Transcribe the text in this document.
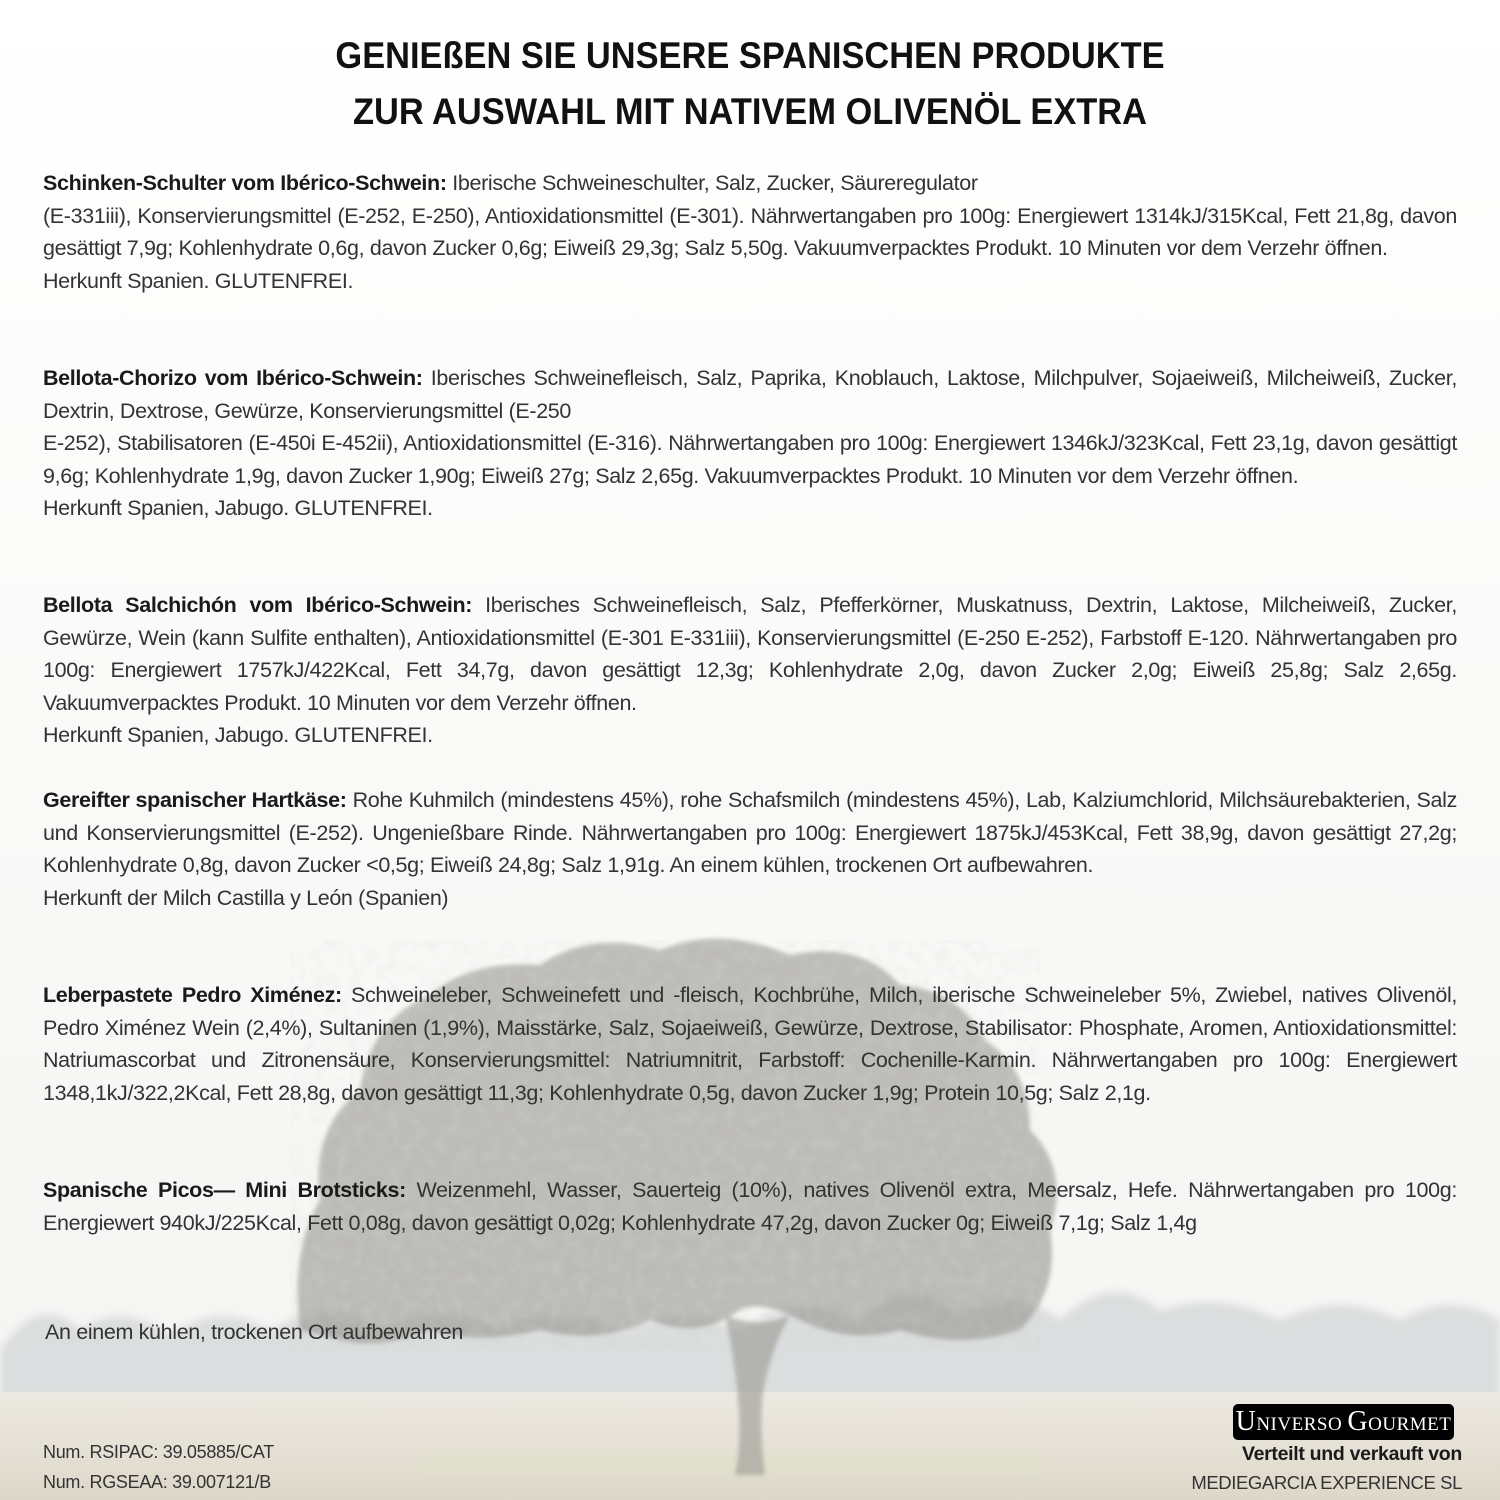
GENIEßEN SIE UNSERE SPANISCHEN PRODUKTE
ZUR AUSWAHL MIT NATIVEM OLIVENÖL EXTRA
Schinken-Schulter vom Ibérico-Schwein: Iberische Schweineschulter, Salz, Zucker, Säureregulator
(E-331iii), Konservierungsmittel (E-252, E-250), Antioxidationsmittel (E-301). Nährwertangaben pro 100g: Energiewert 1314kJ/315Kcal, Fett 21,8g, davon gesättigt 7,9g; Kohlenhydrate 0,6g, davon Zucker 0,6g; Eiweiß 29,3g; Salz 5,50g. Vakuumverpacktes Produkt. 10 Minuten vor dem Verzehr öffnen.
Herkunft Spanien. GLUTENFREI.
Bellota-Chorizo vom Ibérico-Schwein: Iberisches Schweinefleisch, Salz, Paprika, Knoblauch, Laktose, Milchpulver, Sojaeiweiß, Milcheiweiß, Zucker, Dextrin, Dextrose, Gewürze, Konservierungsmittel (E-250
E-252), Stabilisatoren (E-450i E-452ii), Antioxidationsmittel (E-316). Nährwertangaben pro 100g: Energiewert 1346kJ/323Kcal, Fett 23,1g, davon gesättigt 9,6g; Kohlenhydrate 1,9g, davon Zucker 1,90g; Eiweiß 27g; Salz 2,65g. Vakuumverpacktes Produkt. 10 Minuten vor dem Verzehr öffnen.
Herkunft Spanien, Jabugo. GLUTENFREI.
Bellota Salchichón vom Ibérico-Schwein: Iberisches Schweinefleisch, Salz, Pfefferkörner, Muskatnuss, Dextrin, Laktose, Milcheiweiß, Zucker, Gewürze, Wein (kann Sulfite enthalten), Antioxidationsmittel (E-301 E-331iii), Konservierungsmittel (E-250 E-252), Farbstoff E-120. Nährwertangaben pro 100g: Energiewert 1757kJ/422Kcal, Fett 34,7g, davon gesättigt 12,3g; Kohlenhydrate 2,0g, davon Zucker 2,0g; Eiweiß 25,8g; Salz 2,65g. Vakuumverpacktes Produkt. 10 Minuten vor dem Verzehr öffnen.
Herkunft Spanien, Jabugo. GLUTENFREI.
Gereifter spanischer Hartkäse: Rohe Kuhmilch (mindestens 45%), rohe Schafsmilch (mindestens 45%), Lab, Kalziumchlorid, Milchsäurebakterien, Salz und Konservierungsmittel (E-252). Ungenießbare Rinde. Nährwertangaben pro 100g: Energiewert 1875kJ/453Kcal, Fett 38,9g, davon gesättigt 27,2g; Kohlenhydrate 0,8g, davon Zucker <0,5g; Eiweiß 24,8g; Salz 1,91g. An einem kühlen, trockenen Ort aufbewahren.
Herkunft der Milch Castilla y León (Spanien)
Leberpastete Pedro Ximénez: Schweineleber, Schweinefett und -fleisch, Kochbrühe, Milch, iberische Schweineleber 5%, Zwiebel, natives Olivenöl, Pedro Ximénez Wein (2,4%), Sultaninen (1,9%), Maisstärke, Salz, Sojaeiweiß, Gewürze, Dextrose, Stabilisator: Phosphate, Aromen, Antioxidationsmittel: Natriumascorbat und Zitronensäure, Konservierungsmittel: Natriumnitrit, Farbstoff: Cochenille-Karmin. Nährwertangaben pro 100g: Energiewert 1348,1kJ/322,2Kcal, Fett 28,8g, davon gesättigt 11,3g; Kohlenhydrate 0,5g, davon Zucker 1,9g; Protein 10,5g; Salz 2,1g.
Spanische Picos— Mini Brotsticks: Weizenmehl, Wasser, Sauerteig (10%), natives Olivenöl extra, Meersalz, Hefe. Nährwertangaben pro 100g: Energiewert 940kJ/225Kcal, Fett 0,08g, davon gesättigt 0,02g; Kohlenhydrate 47,2g, davon Zucker 0g; Eiweiß 7,1g; Salz 1,4g
An einem kühlen, trockenen Ort aufbewahren
Num. RSIPAC: 39.05885/CAT
Num. RGSEAA: 39.007121/B
UNIVERSO GOURMET
Verteilt und verkauft von
MEDIEGARCIA EXPERIENCE SL
